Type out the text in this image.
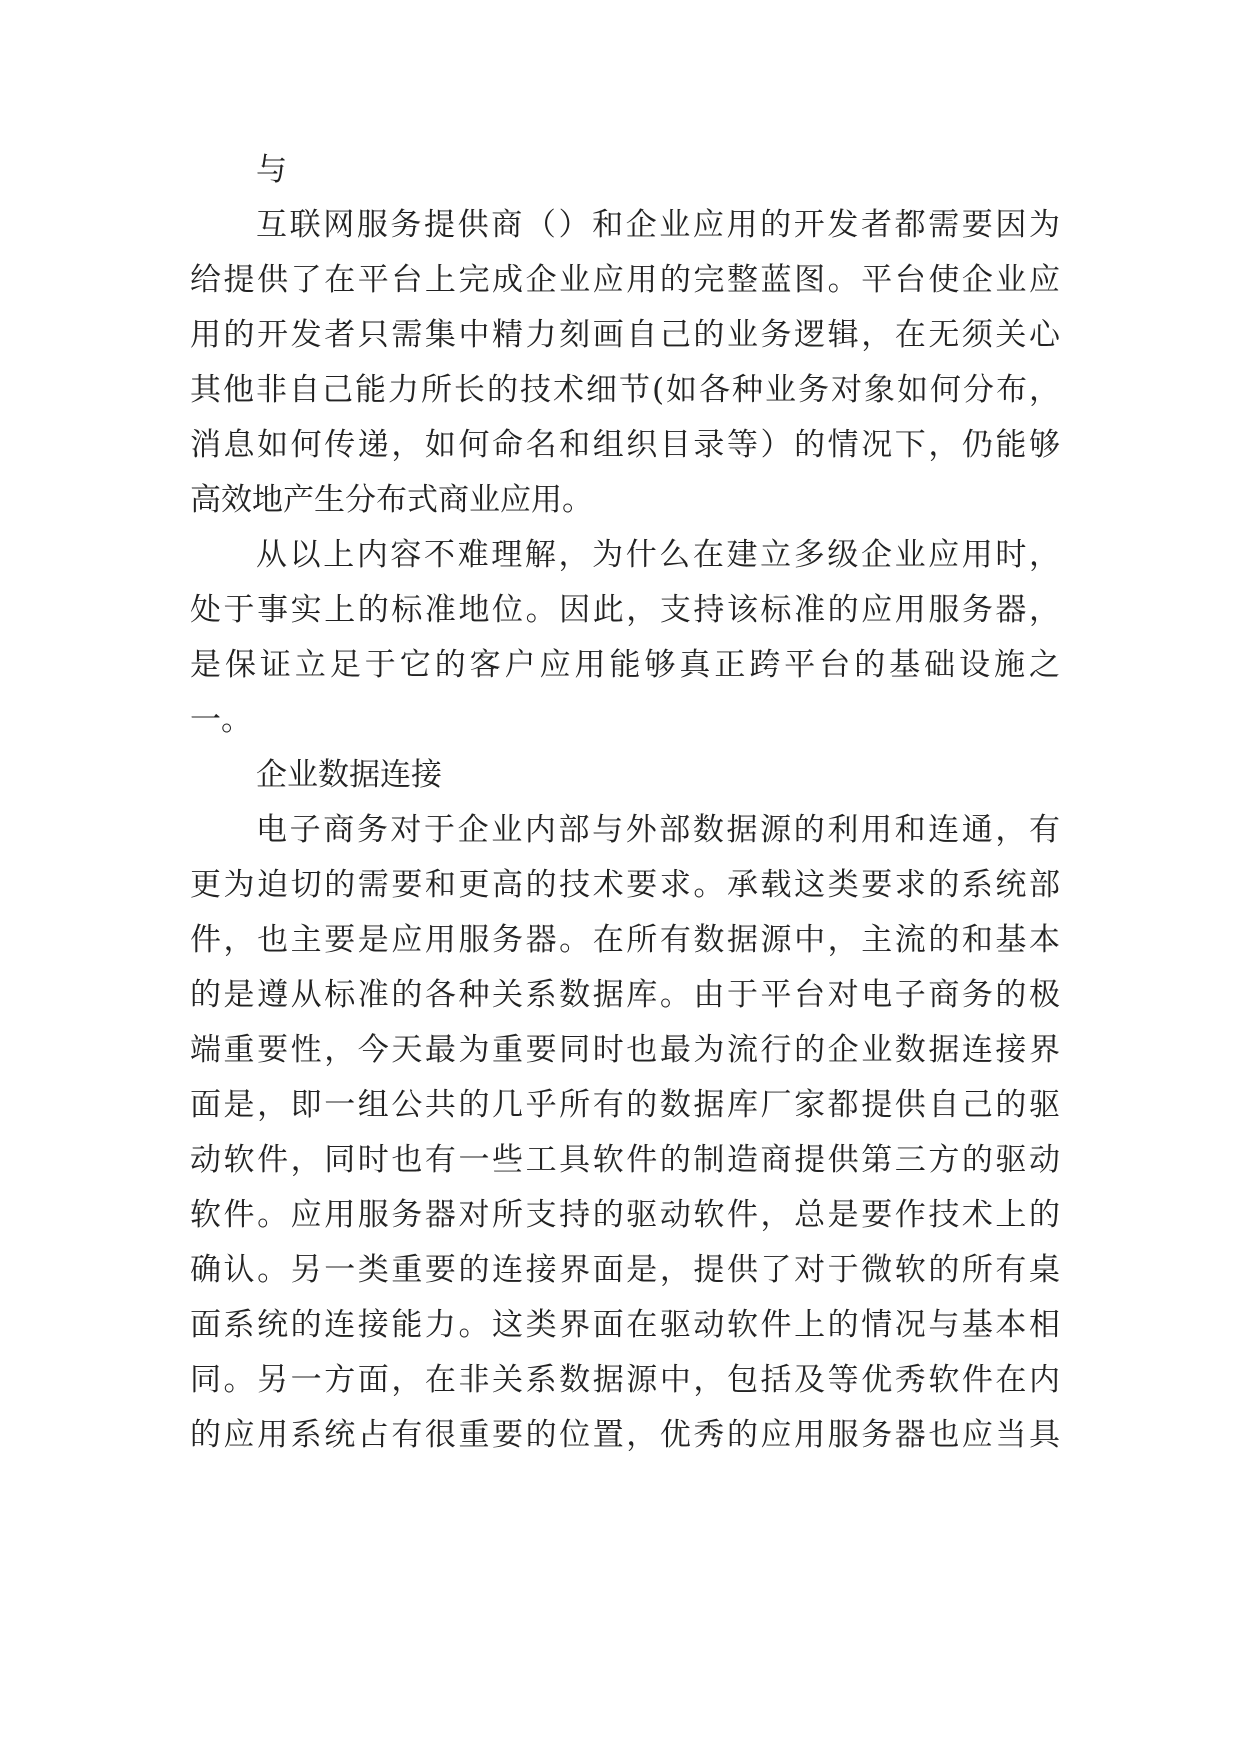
与
互联网服务提供商（）和企业应用的开发者都需要因为
给提供了在平台上完成企业应用的完整蓝图。平台使企业应
用的开发者只需集中精力刻画自己的业务逻辑，在无须关心
其他非自己能力所长的技术细节(如各种业务对象如何分布，
消息如何传递，如何命名和组织目录等）的情况下，仍能够
高效地产生分布式商业应用。
从以上内容不难理解，为什么在建立多级企业应用时，
处于事实上的标准地位。因此，支持该标准的应用服务器，
是保证立足于它的客户应用能够真正跨平台的基础设施之
一。
企业数据连接
电子商务对于企业内部与外部数据源的利用和连通，有
更为迫切的需要和更高的技术要求。承载这类要求的系统部
件，也主要是应用服务器。在所有数据源中，主流的和基本
的是遵从标准的各种关系数据库。由于平台对电子商务的极
端重要性，今天最为重要同时也最为流行的企业数据连接界
面是，即一组公共的几乎所有的数据库厂家都提供自己的驱
动软件，同时也有一些工具软件的制造商提供第三方的驱动
软件。应用服务器对所支持的驱动软件，总是要作技术上的
确认。另一类重要的连接界面是，提供了对于微软的所有桌
面系统的连接能力。这类界面在驱动软件上的情况与基本相
同。另一方面，在非关系数据源中，包括及等优秀软件在内
的应用系统占有很重要的位置，优秀的应用服务器也应当具
